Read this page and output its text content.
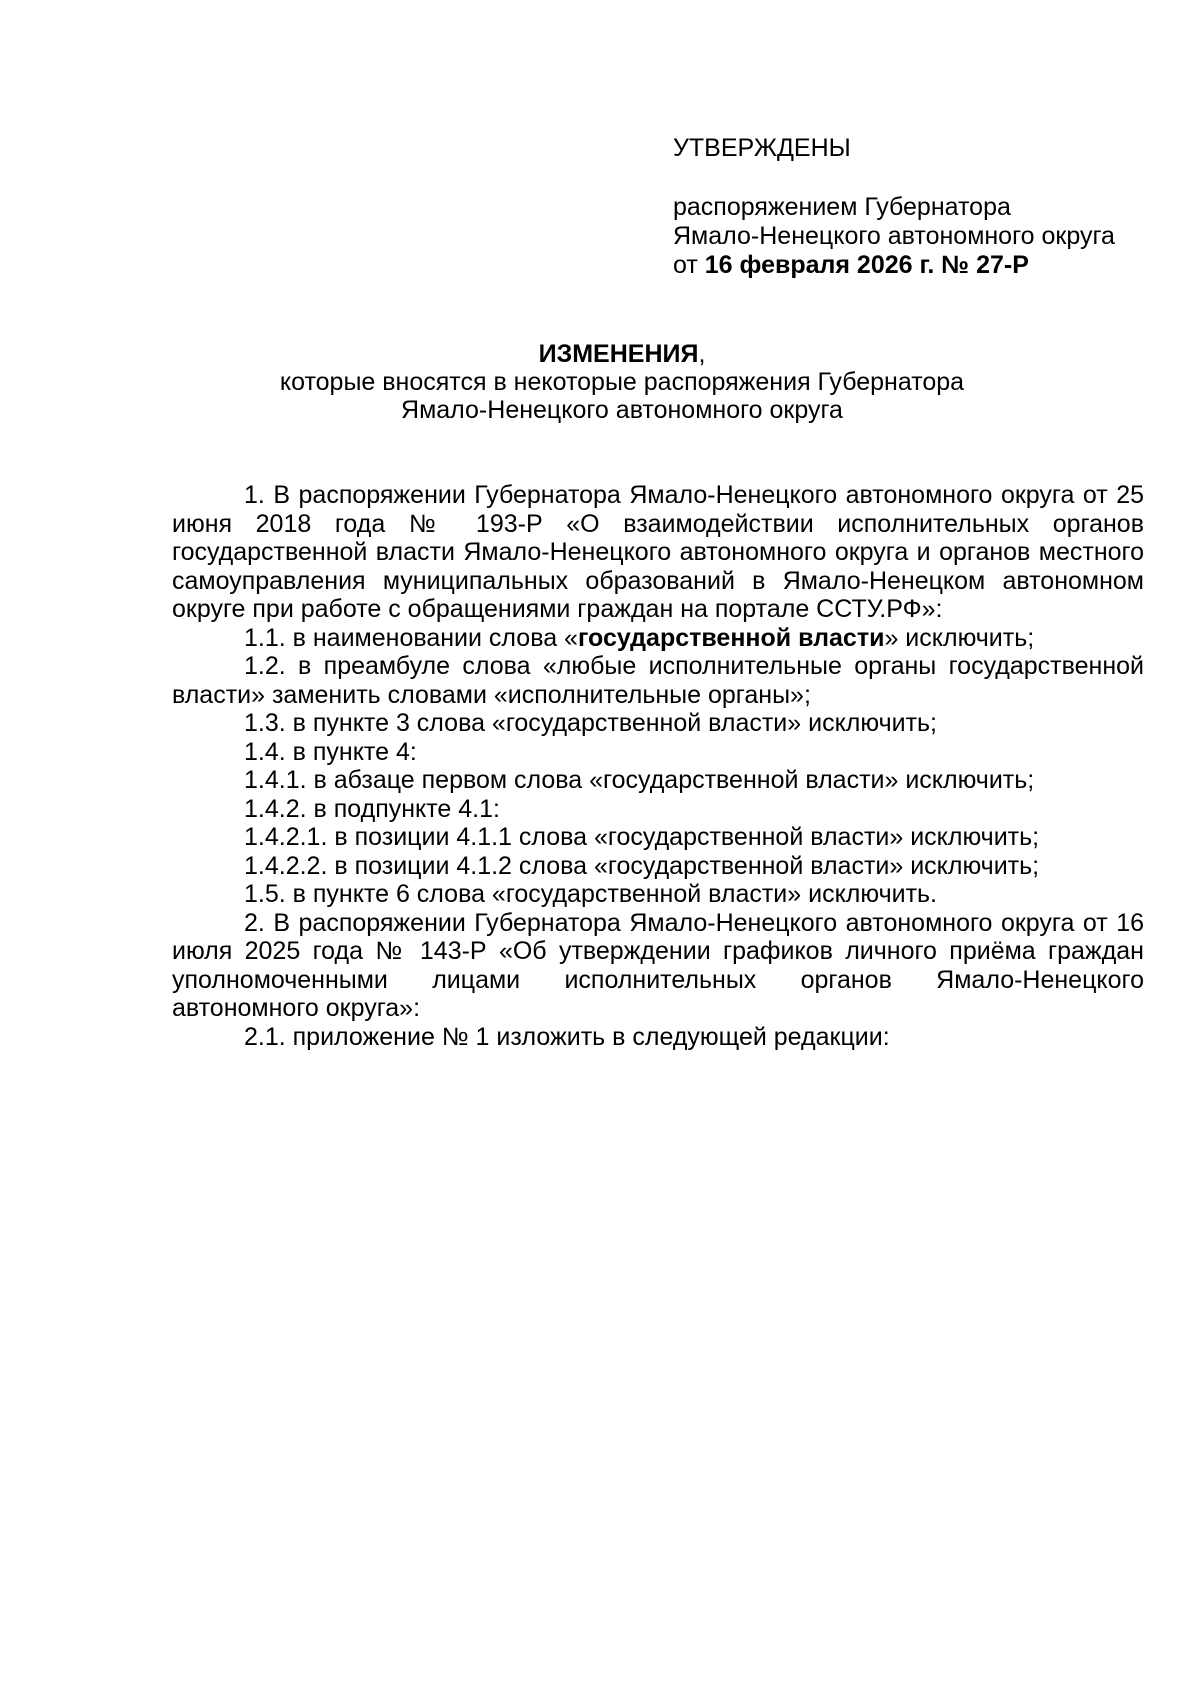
УТВЕРЖДЕНЫ
распоряжением Губернатора
Ямало-Ненецкого автономного округа
от 16 февраля 2026 г. № 27-Р
ИЗМЕНЕНИЯ,
которые вносятся в некоторые распоряжения Губернатора
Ямало-Ненецкого автономного округа

1. В распоряжении Губернатора Ямало-Ненецкого автономного округа от 25 июня 2018 года № 193-Р «О взаимодействии исполнительных органов государственной власти Ямало-Ненецкого автономного округа и органов местного самоуправления муниципальных образований в Ямало-Ненецком автономном округе при работе с обращениями граждан на портале ССТУ.РФ»:

1.1. в наименовании слова «государственной власти» исключить;

1.2. в преамбуле слова «любые исполнительные органы государственной власти» заменить словами «исполнительные органы»;

1.3. в пункте 3 слова «государственной власти» исключить;

1.4. в пункте 4:

1.4.1. в абзаце первом слова «государственной власти» исключить;

1.4.2. в подпункте 4.1:

1.4.2.1. в позиции 4.1.1 слова «государственной власти» исключить;

1.4.2.2. в позиции 4.1.2 слова «государственной власти» исключить;

1.5. в пункте 6 слова «государственной власти» исключить.

2. В распоряжении Губернатора Ямало-Ненецкого автономного округа от 16 июля 2025 года № 143-Р «Об утверждении графиков личного приёма граждан уполномоченными лицами исполнительных органов Ямало-Ненецкого автономного округа»:

2.1. приложение № 1 изложить в следующей редакции:
